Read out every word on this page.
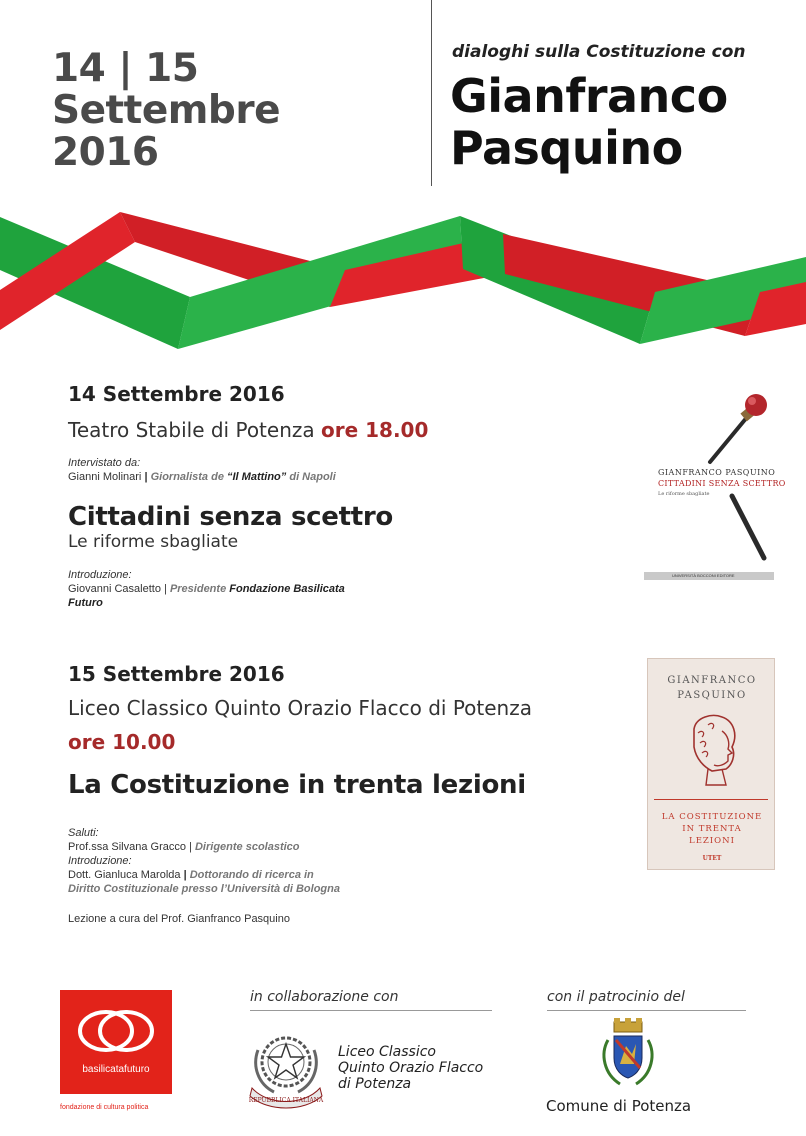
14 | 15
Settembre
2016
dialoghi sulla Costituzione con
Gianfranco
Pasquino
14 Settembre 2016
Teatro Stabile di Potenza ore 18.00
Intervistato da:
Gianni Molinari | Giornalista de “Il Mattino” di Napoli
Cittadini senza scettro
Le riforme sbagliate
Introduzione:
Giovanni Casaletto | Presidente Fondazione Basilicata
Futuro
GIANFRANCO PASQUINO
CITTADINI SENZA SCETTRO
Le riforme sbagliate
UNIVERSITÀ BOCCONI EDITORE
15 Settembre 2016
Liceo Classico Quinto Orazio Flacco di Potenza
ore 10.00
La Costituzione in trenta lezioni
Saluti:
Prof.ssa Silvana Gracco | Dirigente scolastico
Introduzione:
Dott. Gianluca Marolda | Dottorando di ricerca in
Diritto Costituzionale presso l’Università di Bologna
Lezione a cura del Prof. Gianfranco Pasquino
GIANFRANCO
PASQUINO
LA COSTITUZIONE
IN TRENTA
LEZIONI
UTET
basilicatafuturo
fondazione di cultura politica
in collaborazione con
REPUBBLICA ITALIANA
Liceo Classico
Quinto Orazio Flacco
di Potenza
con il patrocinio del
Comune di Potenza
